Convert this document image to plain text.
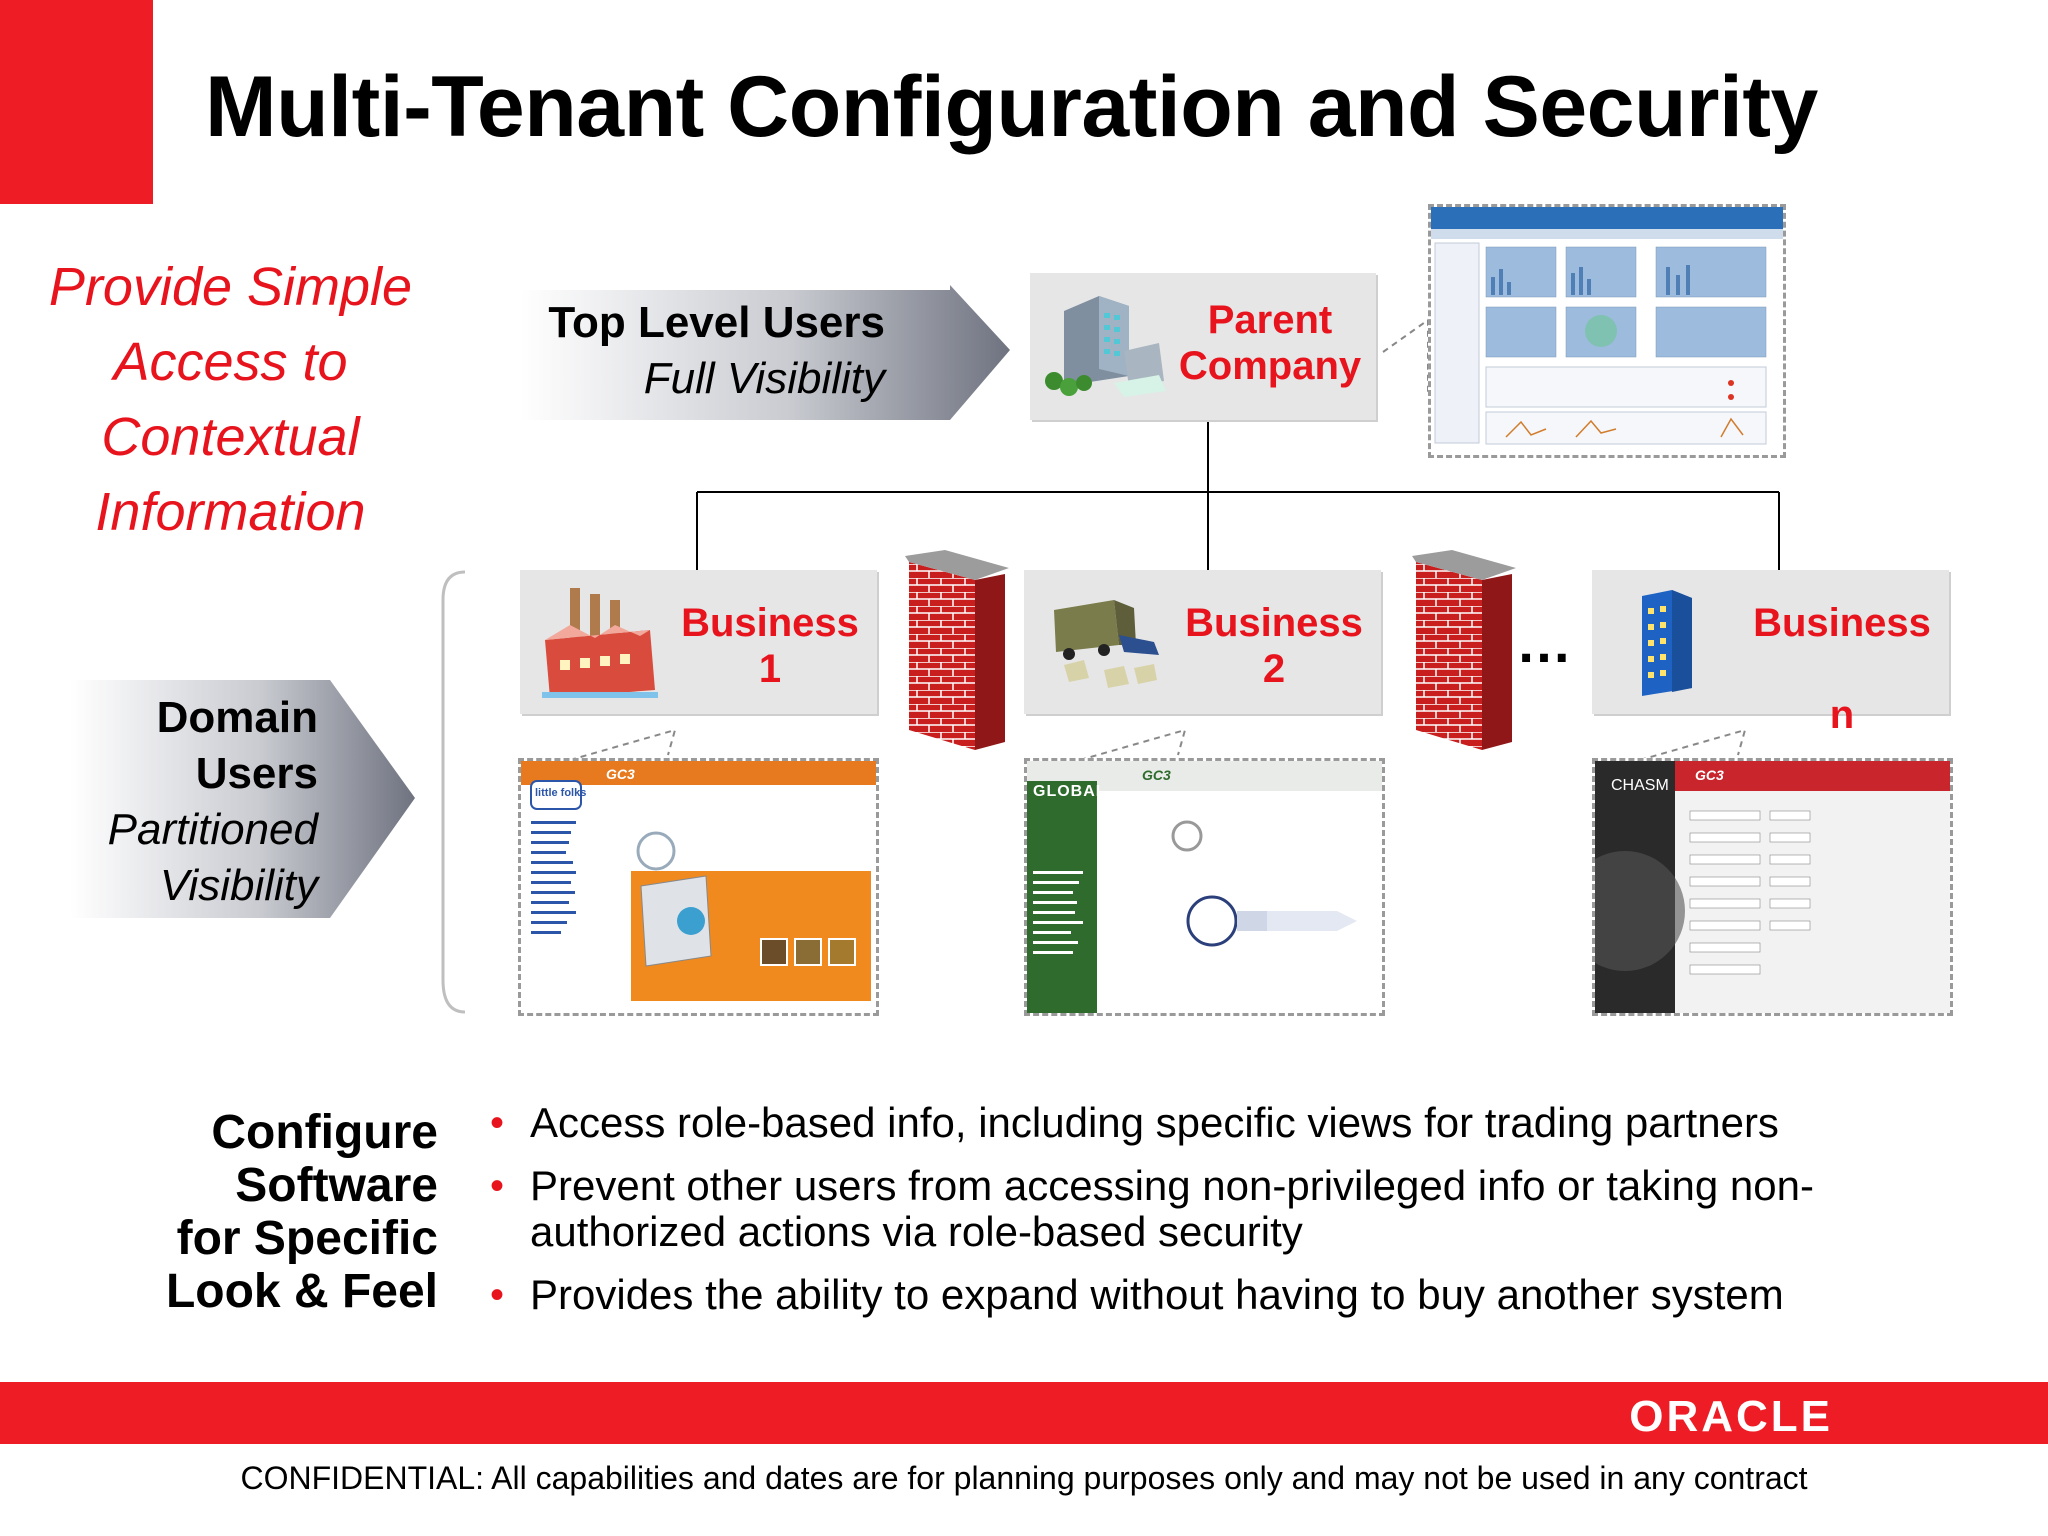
Multi-Tenant Configuration and Security
Provide Simple
Access to
Contextual
Information
Top Level Users
Full Visibility
Domain
Users
Partitioned
Visibility
Parent
Company
Business
1
Business
2
Business
n
…
little folks
GC3
GLOBAL
GC3
CHASM
GC3
Configure
Software
for Specific
Look & Feel
• Access role-based info, including specific views for trading partners
• Prevent other users from accessing non-privileged info or taking non-authorized actions via role-based security
• Provides the ability to expand without having to buy another system
ORACLE
CONFIDENTIAL: All capabilities and dates are for planning purposes only and may not be used in any contract
